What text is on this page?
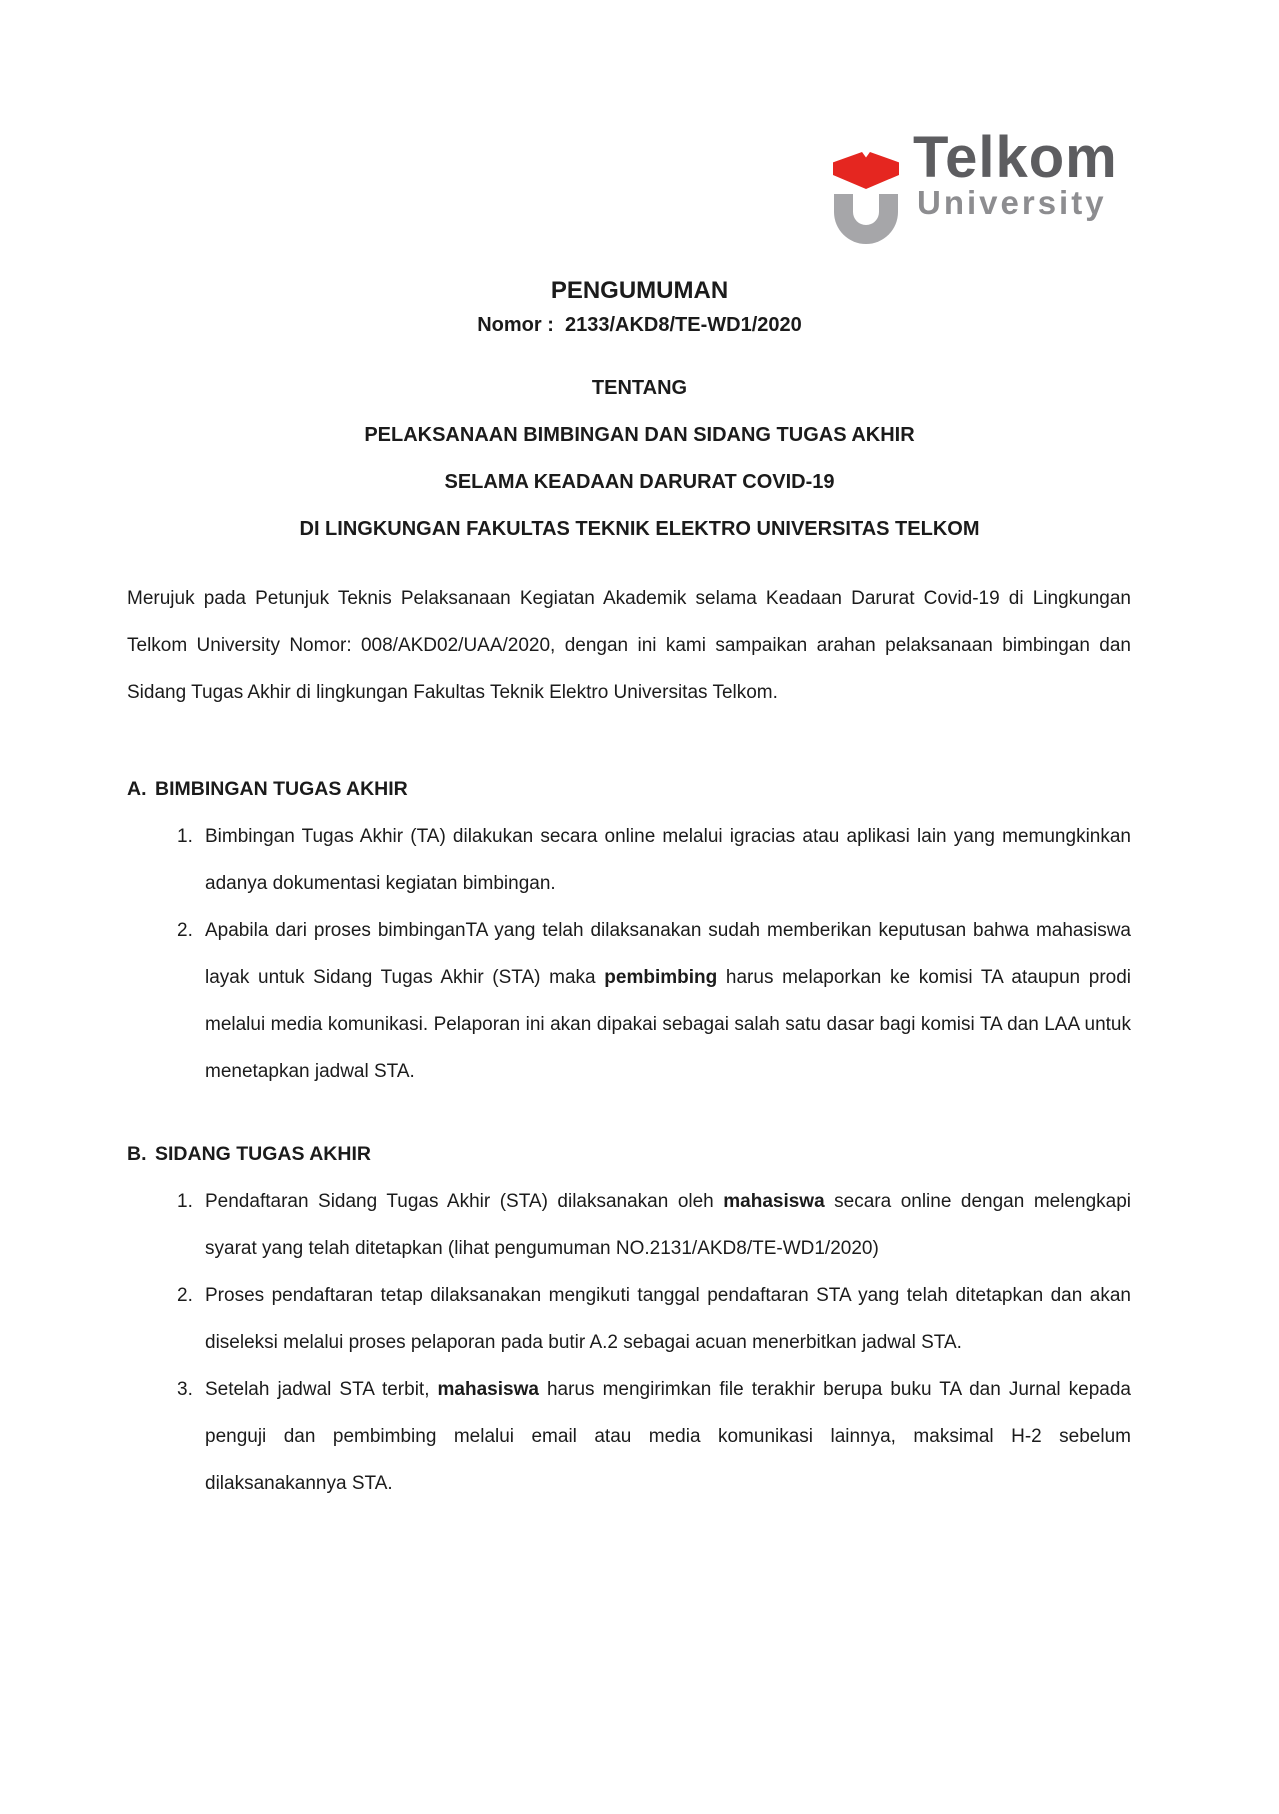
Telkom
University
PENGUMUMAN
Nomor :  2133/AKD8/TE-WD1/2020
TENTANG
PELAKSANAAN BIMBINGAN DAN SIDANG TUGAS AKHIR
SELAMA KEADAAN DARURAT COVID-19
DI LINGKUNGAN FAKULTAS TEKNIK ELEKTRO UNIVERSITAS TELKOM

Merujuk pada Petunjuk Teknis Pelaksanaan Kegiatan Akademik selama Keadaan Darurat Covid-19 di Lingkungan Telkom University Nomor: 008/AKD02/UAA/2020, dengan ini kami sampaikan arahan pelaksanaan bimbingan dan Sidang Tugas Akhir di lingkungan Fakultas Teknik Elektro Universitas Telkom.

A. BIMBINGAN TUGAS AKHIR
1. Bimbingan Tugas Akhir (TA) dilakukan secara online melalui igracias atau aplikasi lain yang memungkinkan adanya dokumentasi kegiatan bimbingan.
2. Apabila dari proses bimbinganTA yang telah dilaksanakan sudah memberikan keputusan bahwa mahasiswa layak untuk Sidang Tugas Akhir (STA) maka pembimbing harus melaporkan ke komisi TA ataupun prodi melalui media komunikasi. Pelaporan ini akan dipakai sebagai salah satu dasar bagi komisi TA dan LAA untuk menetapkan jadwal STA.
B. SIDANG TUGAS AKHIR
1. Pendaftaran Sidang Tugas Akhir (STA) dilaksanakan oleh mahasiswa secara online dengan melengkapi syarat yang telah ditetapkan (lihat pengumuman NO.2131/AKD8/TE-WD1/2020)
2. Proses pendaftaran tetap dilaksanakan mengikuti tanggal pendaftaran STA yang telah ditetapkan dan akan diseleksi melalui proses pelaporan pada butir A.2 sebagai acuan menerbitkan jadwal STA.
3. Setelah jadwal STA terbit, mahasiswa harus mengirimkan file terakhir berupa buku TA dan Jurnal kepada penguji dan pembimbing melalui email atau media komunikasi lainnya, maksimal H-2 sebelum dilaksanakannya STA.
